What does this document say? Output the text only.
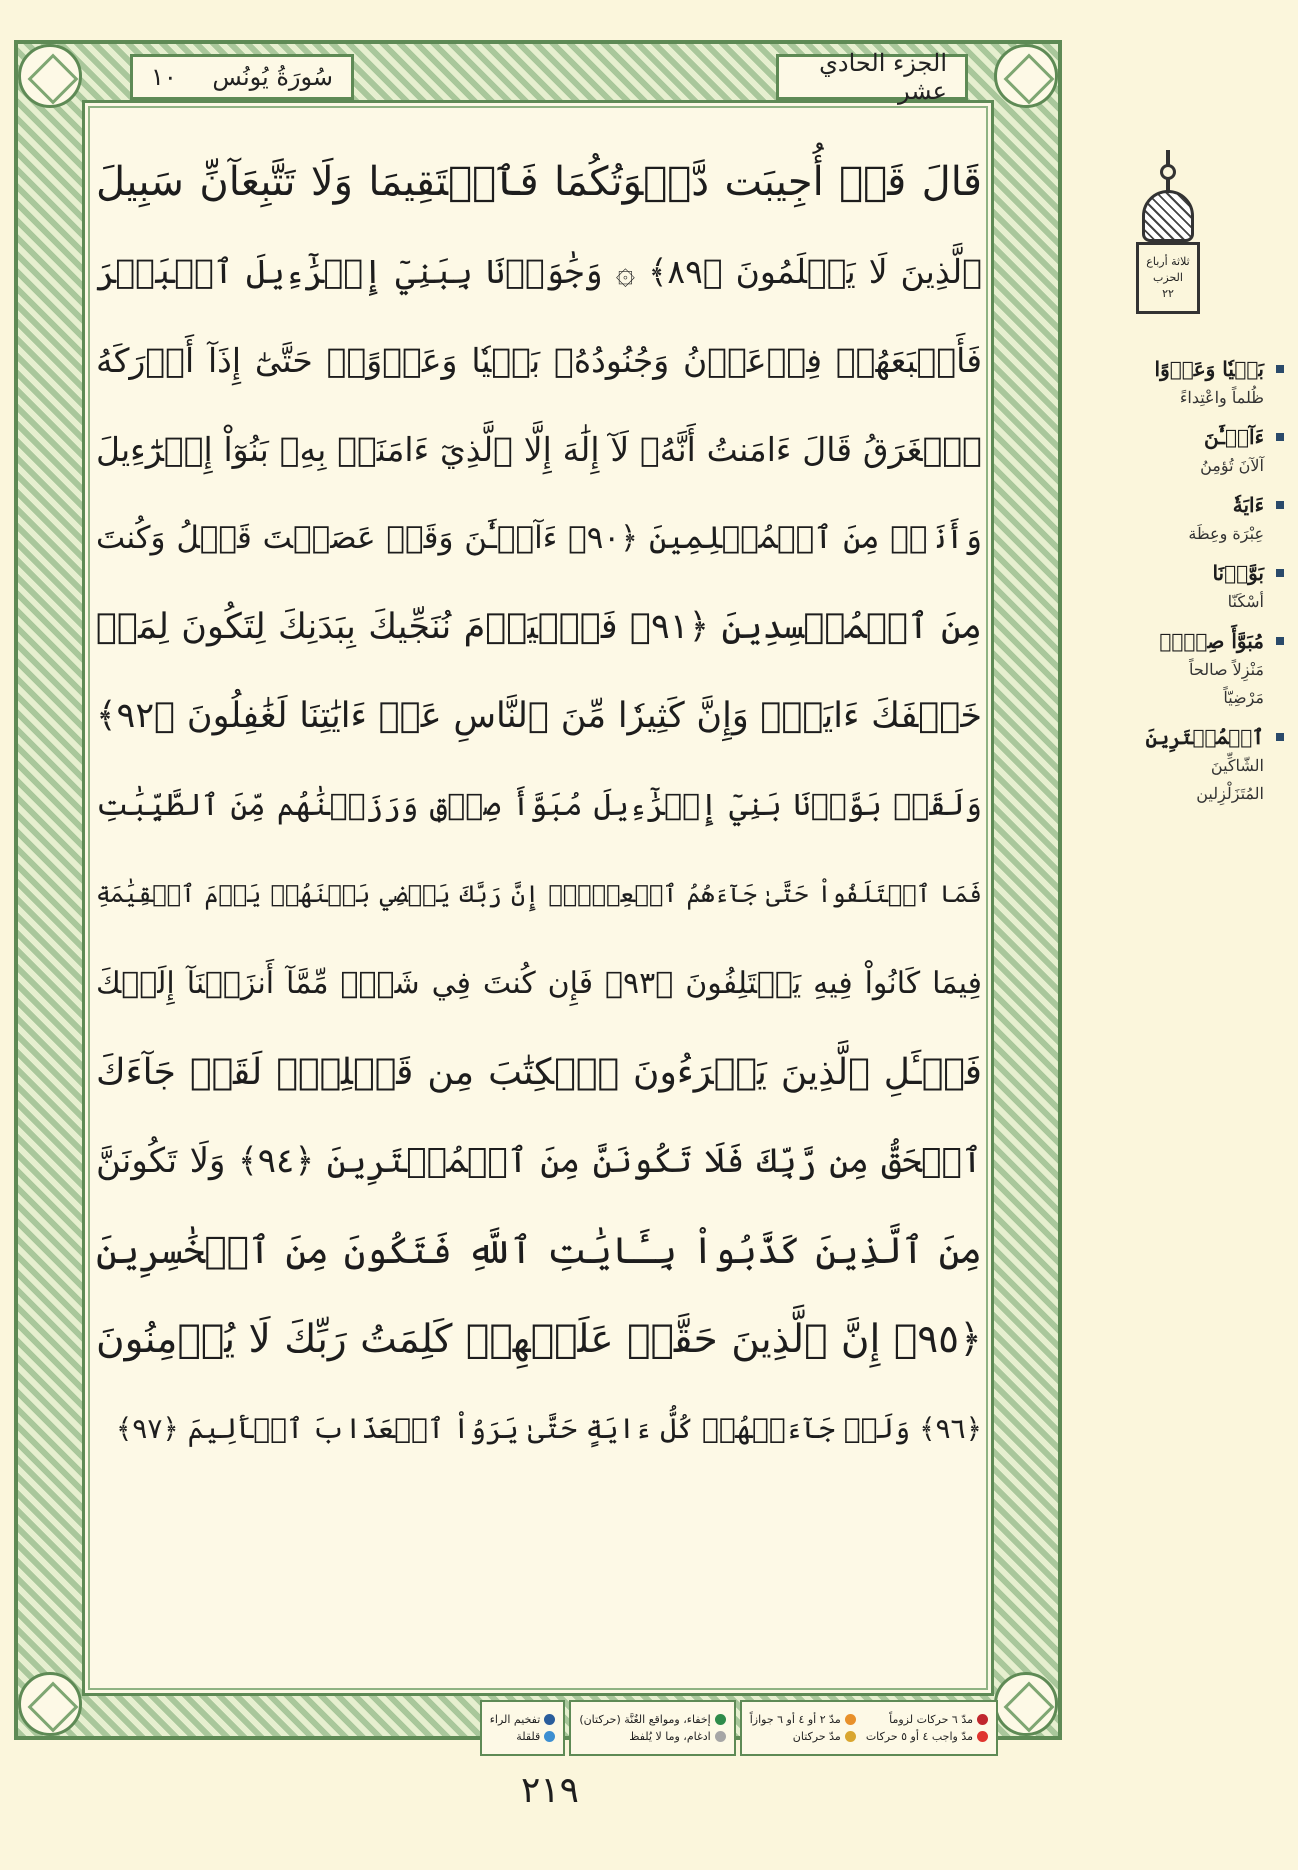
سُورَةُ يُونُس
١٠	الجزء الحادي عشر
ثلاثة أرباع
الحزب
٢٢
قَالَ قَدۡ أُجِيبَت دَّعۡوَتُكُمَا فَٱسۡتَقِيمَا وَلَا تَتَّبِعَآنِّ سَبِيلَ
ٱلَّذِينَ لَا يَعۡلَمُونَ ﴿٨٩﴾ ۞ وَجَٰوَزۡنَا بِبَنِيٓ إِسۡرَٰٓءِيلَ ٱلۡبَحۡرَ
فَأَتۡبَعَهُمۡ فِرۡعَوۡنُ وَجُنُودُهُۥ بَغۡيٗا وَعَدۡوًاۖ حَتَّىٰٓ إِذَآ أَدۡرَكَهُ
ٱلۡغَرَقُ قَالَ ءَامَنتُ أَنَّهُۥ لَآ إِلَٰهَ إِلَّا ٱلَّذِيٓ ءَامَنَتۡ بِهِۦ بَنُوٓاْ إِسۡرَٰٓءِيلَ
وَأَنَا۠ مِنَ ٱلۡمُسۡلِمِينَ ﴿٩٠﴾ ءَآلۡـَٰٔنَ وَقَدۡ عَصَيۡتَ قَبۡلُ وَكُنتَ
مِنَ ٱلۡمُفۡسِدِينَ ﴿٩١﴾ فَٱلۡيَوۡمَ نُنَجِّيكَ بِبَدَنِكَ لِتَكُونَ لِمَنۡ
خَلۡفَكَ ءَايَةٗۚ وَإِنَّ كَثِيرٗا مِّنَ ٱلنَّاسِ عَنۡ ءَايَٰتِنَا لَغَٰفِلُونَ ﴿٩٢﴾
وَلَقَدۡ بَوَّأۡنَا بَنِيٓ إِسۡرَٰٓءِيلَ مُبَوَّأَ صِدۡقٖ وَرَزَقۡنَٰهُم مِّنَ ٱلطَّيِّبَٰتِ
فَمَا ٱخۡتَلَفُواْ حَتَّىٰ جَآءَهُمُ ٱلۡعِلۡمُۚ إِنَّ رَبَّكَ يَقۡضِي بَيۡنَهُمۡ يَوۡمَ ٱلۡقِيَٰمَةِ
فِيمَا كَانُواْ فِيهِ يَخۡتَلِفُونَ ﴿٩٣﴾ فَإِن كُنتَ فِي شَكّٖ مِّمَّآ أَنزَلۡنَآ إِلَيۡكَ
فَسۡـَٔلِ ٱلَّذِينَ يَقۡرَءُونَ ٱلۡكِتَٰبَ مِن قَبۡلِكَۚ لَقَدۡ جَآءَكَ
ٱلۡحَقُّ مِن رَّبِّكَ فَلَا تَكُونَنَّ مِنَ ٱلۡمُمۡتَرِينَ ﴿٩٤﴾ وَلَا تَكُونَنَّ
مِنَ ٱلَّذِينَ كَذَّبُواْ بِـَٔايَٰتِ ٱللَّهِ فَتَكُونَ مِنَ ٱلۡخَٰسِرِينَ
﴿٩٥﴾ إِنَّ ٱلَّذِينَ حَقَّتۡ عَلَيۡهِمۡ كَلِمَتُ رَبِّكَ لَا يُؤۡمِنُونَ
﴿٩٦﴾ وَلَوۡ جَآءَتۡهُمۡ كُلُّ ءَايَةٍ حَتَّىٰ يَرَوُاْ ٱلۡعَذَابَ ٱلۡأَلِيمَ ﴿٩٧﴾
بَغۡيٗا وَعَدۡوًا
ظُلماً واعْتِداءً
ءَآلۡـَٰٔنَ
آلآنَ تُؤمِنُ
ءَايَةٗ
عِبْرَة وعِظَة
بَوَّأۡنَا
أسْكَنّا
مُبَوَّأَ صِدۡقٖ
مَنْزِلاً صالحاً
مَرْضِيّاً
ٱلۡمُمۡتَرِينَ
الشّاكِّينَ
المُتَزَلْزِلين
مدّ ٦ حركات لزوماً
مدّ ٢ أو ٤ أو ٦ جوازاً
مدّ واجب ٤ أو ٥ حركات
مدّ حركتان
إخفاء، ومواقع الغُنَّة (حركتان)
ادغام، وما لا يُلفظ
تفخيم الراء
قلقلة
٢١٩
